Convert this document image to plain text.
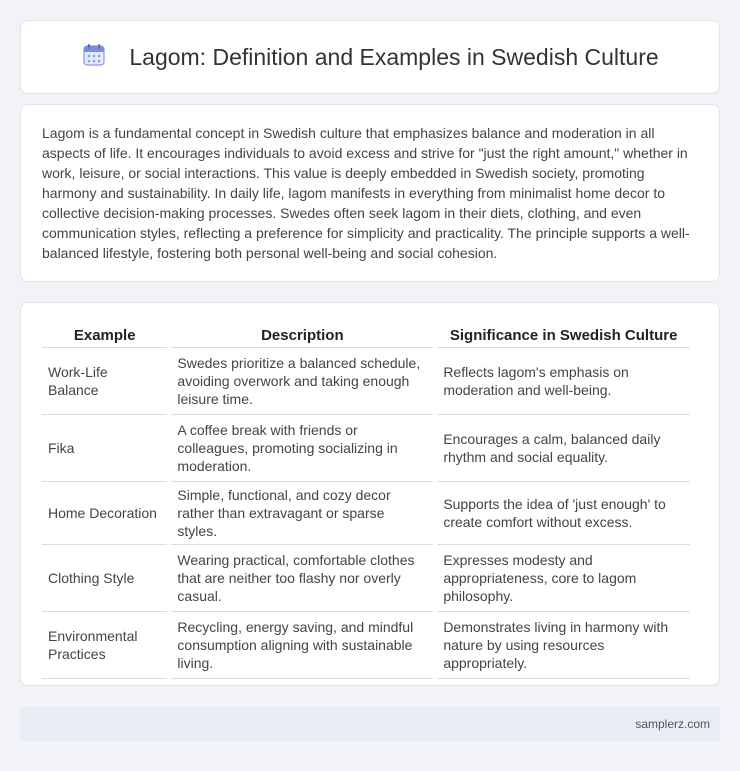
Lagom: Definition and Examples in Swedish Culture

Lagom is a fundamental concept in Swedish culture that emphasizes balance and moderation in all aspects of life. It encourages individuals to avoid excess and strive for "just the right amount," whether in work, leisure, or social interactions. This value is deeply embedded in Swedish society, promoting harmony and sustainability. In daily life, lagom manifests in everything from minimalist home decor to collective decision-making processes. Swedes often seek lagom in their diets, clothing, and even communication styles, reflecting a preference for simplicity and practicality. The principle supports a well-balanced lifestyle, fostering both personal well-being and social cohesion.

Example	Description	Significance in Swedish Culture
Work-Life Balance	Swedes prioritize a balanced schedule, avoiding overwork and taking enough leisure time.	Reflects lagom's emphasis on moderation and well-being.
Fika	A coffee break with friends or colleagues, promoting socializing in moderation.	Encourages a calm, balanced daily rhythm and social equality.
Home Decoration	Simple, functional, and cozy decor rather than extravagant or sparse styles.	Supports the idea of 'just enough' to create comfort without excess.
Clothing Style	Wearing practical, comfortable clothes that are neither too flashy nor overly casual.	Expresses modesty and appropriateness, core to lagom philosophy.
Environmental Practices	Recycling, energy saving, and mindful consumption aligning with sustainable living.	Demonstrates living in harmony with nature by using resources appropriately.
samplerz.com
